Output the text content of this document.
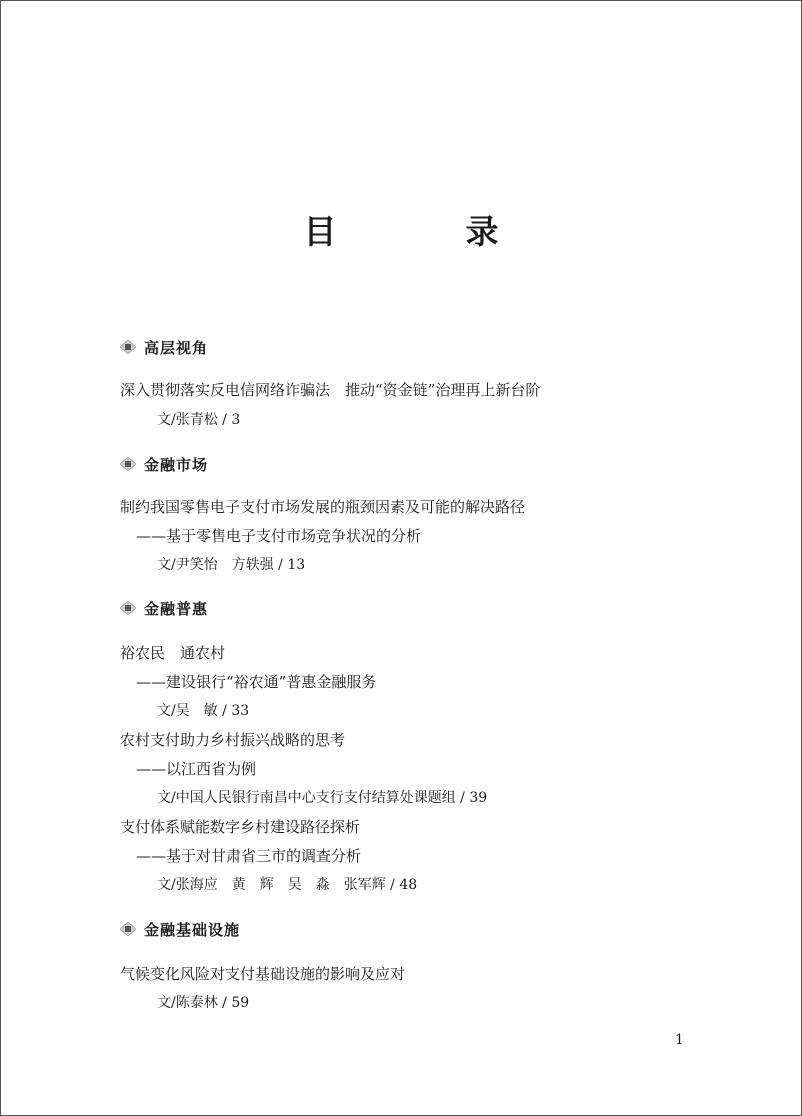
目　录
高层视角
深入贯彻落实反电信网络诈骗法　推动“资金链”治理再上新台阶
文/张青松 / 3
金融市场
制约我国零售电子支付市场发展的瓶颈因素及可能的解决路径
——基于零售电子支付市场竞争状况的分析
文/尹笑怡　方轶强 / 13
金融普惠
裕农民　通农村
——建设银行“裕农通”普惠金融服务
文/吴　敏 / 33
农村支付助力乡村振兴战略的思考
——以江西省为例
文/中国人民银行南昌中心支行支付结算处课题组 / 39
支付体系赋能数字乡村建设路径探析
——基于对甘肃省三市的调查分析
文/张海应　黄　辉　吴　淼　张军辉 / 48
金融基础设施
气候变化风险对支付基础设施的影响及应对
文/陈泰林 / 59
1
